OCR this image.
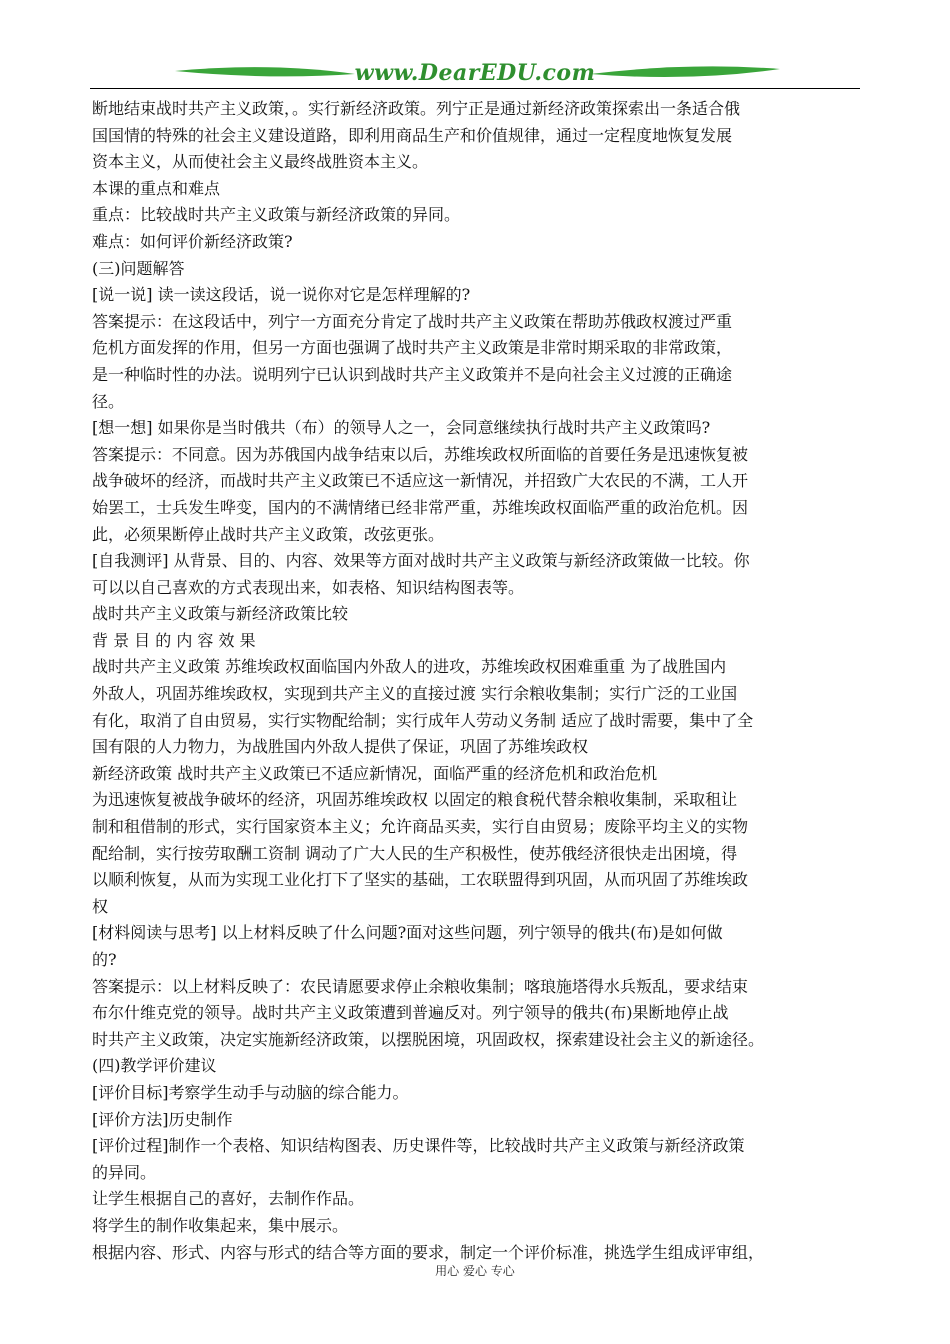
www.DearEDU.com

断地结束战时共产主义政策，。实行新经济政策。列宁正是通过新经济政策探索出一条适合俄

国国情的特殊的社会主义建设道路，即利用商品生产和价值规律，通过一定程度地恢复发展

资本主义，从而使社会主义最终战胜资本主义。

本课的重点和难点

重点：比较战时共产主义政策与新经济政策的异同。

难点：如何评价新经济政策?

(三)问题解答

[说一说] 读一读这段话，说一说你对它是怎样理解的?

答案提示：在这段话中，列宁一方面充分肯定了战时共产主义政策在帮助苏俄政权渡过严重

危机方面发挥的作用，但另一方面也强调了战时共产主义政策是非常时期采取的非常政策，

是一种临时性的办法。说明列宁已认识到战时共产主义政策并不是向社会主义过渡的正确途

径。

[想一想] 如果你是当时俄共（布）的领导人之一，会同意继续执行战时共产主义政策吗?

答案提示：不同意。因为苏俄国内战争结束以后，苏维埃政权所面临的首要任务是迅速恢复被

战争破坏的经济，而战时共产主义政策已不适应这一新情况，并招致广大农民的不满，工人开

始罢工，士兵发生哗变，国内的不满情绪已经非常严重，苏维埃政权面临严重的政治危机。因

此，必须果断停止战时共产主义政策，改弦更张。

[自我测评] 从背景、目的、内容、效果等方面对战时共产主义政策与新经济政策做一比较。你

可以以自己喜欢的方式表现出来，如表格、知识结构图表等。

战时共产主义政策与新经济政策比较

背 景 目 的 内 容 效 果

战时共产主义政策 苏维埃政权面临国内外敌人的进攻，苏维埃政权困难重重 为了战胜国内

外敌人，巩固苏维埃政权，实现到共产主义的直接过渡 实行余粮收集制；实行广泛的工业国

有化，取消了自由贸易，实行实物配给制；实行成年人劳动义务制 适应了战时需要，集中了全

国有限的人力物力，为战胜国内外敌人提供了保证，巩固了苏维埃政权

新经济政策 战时共产主义政策已不适应新情况，面临严重的经济危机和政治危机

为迅速恢复被战争破坏的经济，巩固苏维埃政权 以固定的粮食税代替余粮收集制，采取租让

制和租借制的形式，实行国家资本主义；允许商品买卖，实行自由贸易；废除平均主义的实物

配给制，实行按劳取酬工资制 调动了广大人民的生产积极性，使苏俄经济很快走出困境，得

以顺利恢复，从而为实现工业化打下了坚实的基础，工农联盟得到巩固，从而巩固了苏维埃政

权

[材料阅读与思考] 以上材料反映了什么问题?面对这些问题，列宁领导的俄共(布)是如何做

的?

答案提示：以上材料反映了：农民请愿要求停止余粮收集制；喀琅施塔得水兵叛乱，要求结束

布尔什维克党的领导。战时共产主义政策遭到普遍反对。列宁领导的俄共(布)果断地停止战

时共产主义政策，决定实施新经济政策，以摆脱困境，巩固政权，探索建设社会主义的新途径。

(四)教学评价建议

[评价目标]考察学生动手与动脑的综合能力。

[评价方法]历史制作

[评价过程]制作一个表格、知识结构图表、历史课件等，比较战时共产主义政策与新经济政策

的异同。

让学生根据自己的喜好，去制作作品。

将学生的制作收集起来，集中展示。

根据内容、形式、内容与形式的结合等方面的要求，制定一个评价标准，挑选学生组成评审组，

用心 爱心 专心
